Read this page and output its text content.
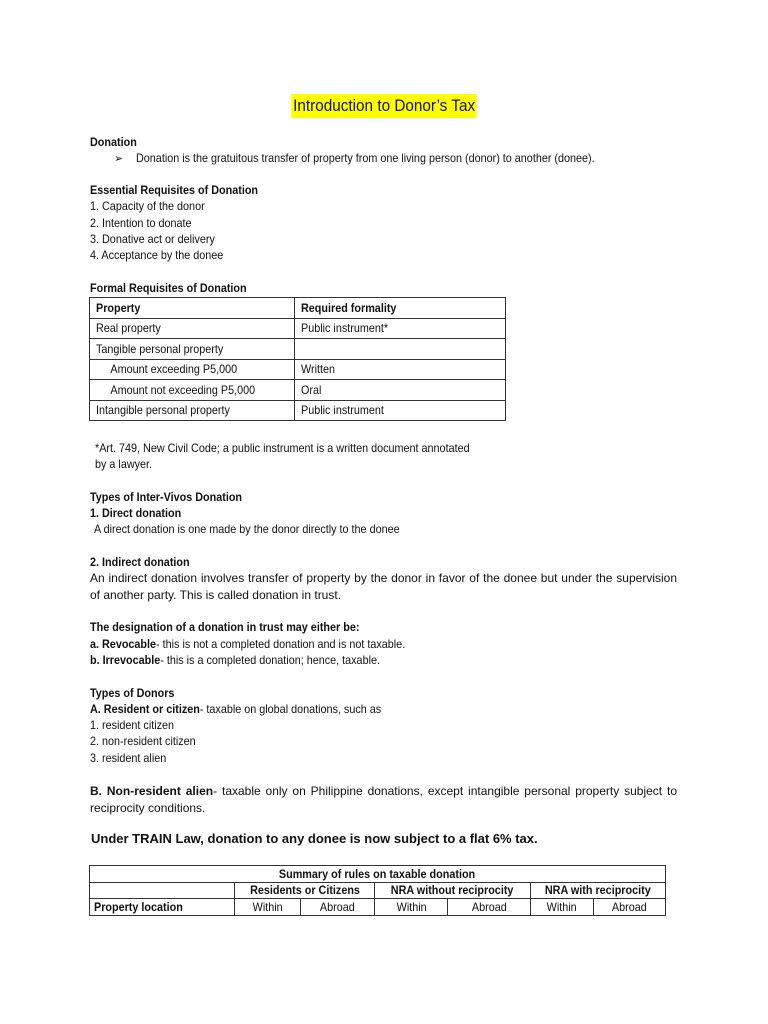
Introduction to Donor’s Tax
Donation
➢ Donation is the gratuitous transfer of property from one living person (donor) to another (donee).
Essential Requisites of Donation
1. Capacity of the donor
2. Intention to donate
3. Donative act or delivery
4. Acceptance by the donee
Formal Requisites of Donation
Property	Required formality
Real property	Public instrument*
Tangible personal property	
Amount exceeding P5,000	Written
Amount not exceeding P5,000	Oral
Intangible personal property	Public instrument
*Art. 749, New Civil Code; a public instrument is a written document annotated
by a lawyer.
Types of Inter-Vivos Donation
1. Direct donation
A direct donation is one made by the donor directly to the donee
2. Indirect donation
An indirect donation involves transfer of property by the donor in favor of the donee but under the supervision of another party. This is called donation in trust.
The designation of a donation in trust may either be:
a. Revocable- this is not a completed donation and is not taxable.
b. Irrevocable- this is a completed donation; hence, taxable.
Types of Donors
A. Resident or citizen- taxable on global donations, such as
1. resident citizen
2. non-resident citizen
3. resident alien
B. Non-resident alien- taxable only on Philippine donations, except intangible personal property subject to reciprocity conditions.
Under TRAIN Law, donation to any donee is now subject to a flat 6% tax.
Summary of rules on taxable donation						
	Residents or Citizens		NRA without reciprocity		NRA with reciprocity	
Property location	Within	Abroad	Within	Abroad	Within	Abroad
